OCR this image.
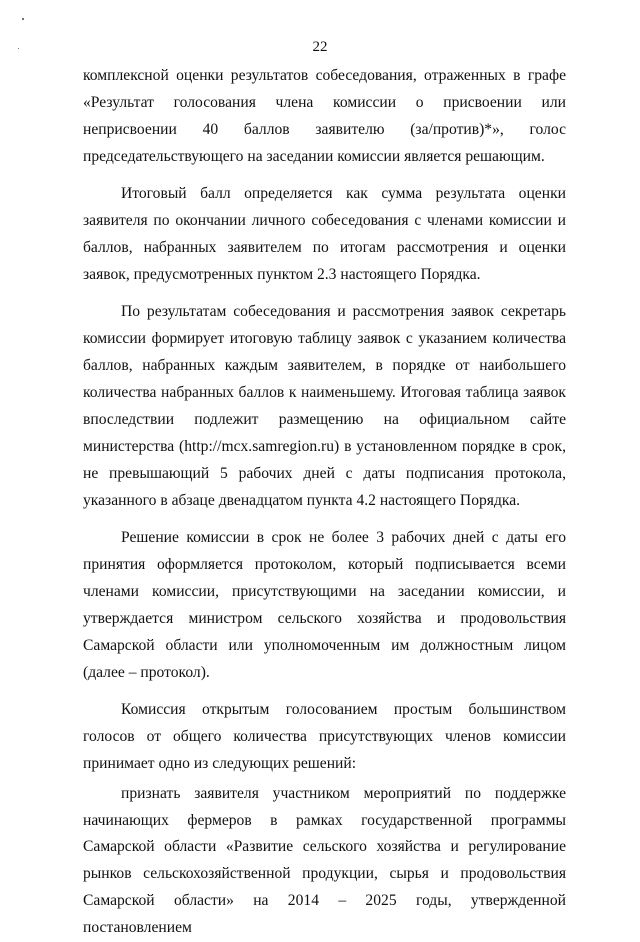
22

комплексной оценки результатов собеседования, отраженных в графе «Результат голосования члена комиссии о присвоении или неприсвоении 40 баллов заявителю (за/против)*», голос председательствующего на заседании комиссии является решающим.

Итоговый балл определяется как сумма результата оценки заявителя по окончании личного собеседования с членами комиссии и баллов, набранных заявителем по итогам рассмотрения и оценки заявок, предусмотренных пунктом 2.3 настоящего Порядка.

По результатам собеседования и рассмотрения заявок секретарь комиссии формирует итоговую таблицу заявок с указанием количества баллов, набранных каждым заявителем, в порядке от наибольшего количества набранных баллов к наименьшему. Итоговая таблица заявок впоследствии подлежит размещению на официальном сайте министерства (http://mcx.samregion.ru) в установленном порядке в срок, не превышающий 5 рабочих дней с даты подписания протокола, указанного в абзаце двенадцатом пункта 4.2 настоящего Порядка.

Решение комиссии в срок не более 3 рабочих дней с даты его принятия оформляется протоколом, который подписывается всеми членами комиссии, присутствующими на заседании комиссии, и утверждается министром сельского хозяйства и продовольствия Самарской области или уполномоченным им должностным лицом (далее – протокол).

Комиссия открытым голосованием простым большинством голосов от общего количества присутствующих членов комиссии принимает одно из следующих решений:

признать заявителя участником мероприятий по поддержке начинающих фермеров в рамках государственной программы Самарской области «Развитие сельского хозяйства и регулирование рынков сельскохозяйственной продукции, сырья и продовольствия Самарской области» на 2014 – 2025 годы, утвержденной постановлением
